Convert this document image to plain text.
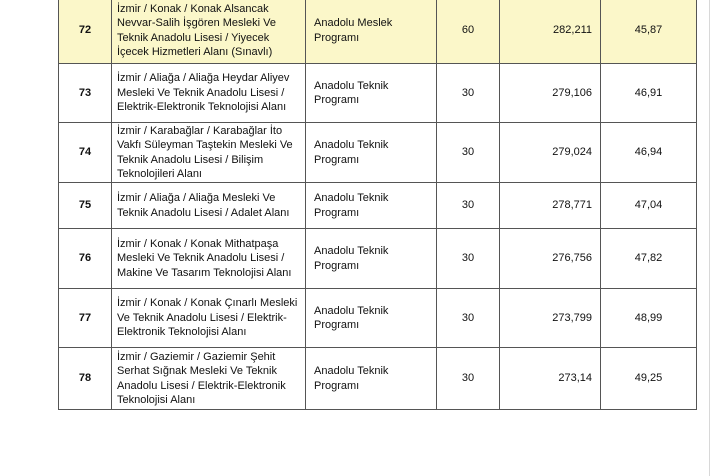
72	İzmir / Konak / Konak Alsancak Nevvar-Salih İşgören Mesleki Ve Teknik Anadolu Lisesi / Yiyecek İçecek Hizmetleri Alanı (Sınavlı)	Anadolu Meslek Programı	60	282,211	45,87
73	İzmir / Aliağa / Aliağa Heydar Aliyev Mesleki Ve Teknik Anadolu Lisesi / Elektrik-Elektronik Teknolojisi Alanı	Anadolu Teknik Programı	30	279,106	46,91
74	İzmir / Karabağlar / Karabağlar İto Vakfı Süleyman Taştekin Mesleki Ve Teknik Anadolu Lisesi / Bilişim Teknolojileri Alanı	Anadolu Teknik Programı	30	279,024	46,94
75	İzmir / Aliağa / Aliağa Mesleki Ve Teknik Anadolu Lisesi / Adalet Alanı	Anadolu Teknik Programı	30	278,771	47,04
76	İzmir / Konak / Konak Mithatpaşa Mesleki Ve Teknik Anadolu Lisesi / Makine Ve Tasarım Teknolojisi Alanı	Anadolu Teknik Programı	30	276,756	47,82
77	İzmir / Konak / Konak Çınarlı Mesleki Ve Teknik Anadolu Lisesi / Elektrik-Elektronik Teknolojisi Alanı	Anadolu Teknik Programı	30	273,799	48,99
78	İzmir / Gaziemir / Gaziemir Şehit Serhat Sığnak Mesleki Ve Teknik Anadolu Lisesi / Elektrik-Elektronik Teknolojisi Alanı	Anadolu Teknik Programı	30	273,14	49,25
